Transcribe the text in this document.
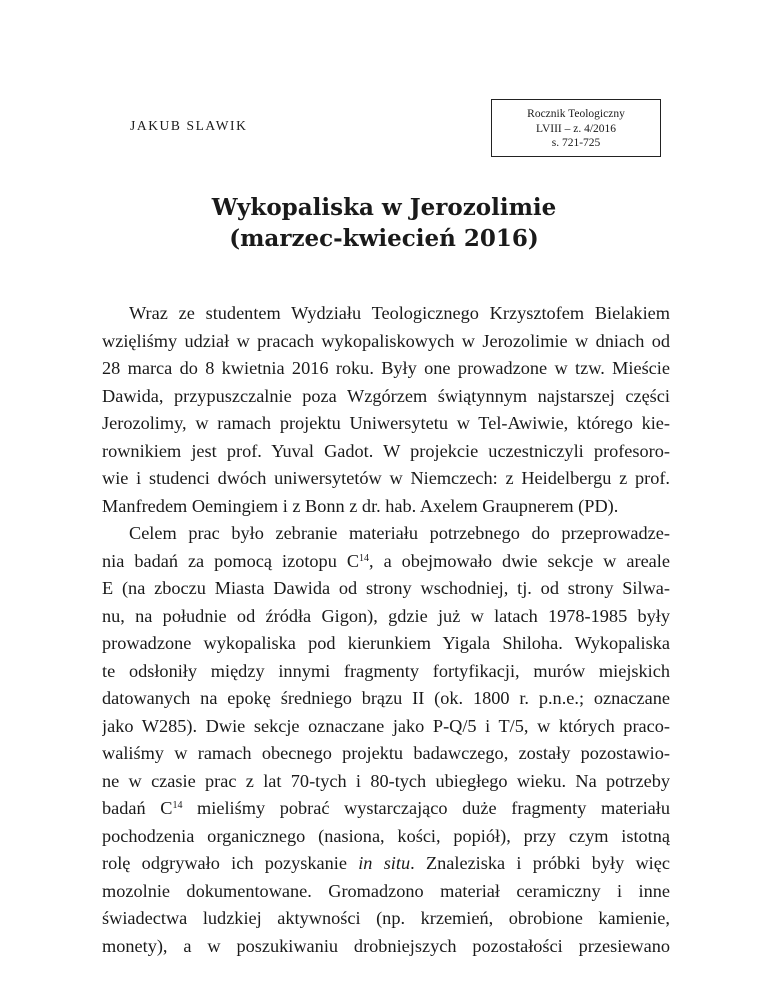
JAKUB SLAWIK
Rocznik Teologiczny
LVIII – z. 4/2016
s. 721-725
Wykopaliska w Jerozolimie
(marzec-kwiecień 2016)
Wraz ze studentem Wydziału Teologicznego Krzysztofem Bielakiem
wzięliśmy udział w pracach wykopaliskowych w Jerozolimie w dniach od
28 marca do 8 kwietnia 2016 roku. Były one prowadzone w tzw. Mieście
Dawida, przypuszczalnie poza Wzgórzem świątynnym najstarszej części
Jerozolimy, w ramach projektu Uniwersytetu w Tel-Awiwie, którego kie-
rownikiem jest prof. Yuval Gadot. W projekcie uczestniczyli profesoro-
wie i studenci dwóch uniwersytetów w Niemczech: z Heidelbergu z prof.
Manfredem Oemingiem i z Bonn z dr. hab. Axelem Graupnerem (PD).
Celem prac było zebranie materiału potrzebnego do przeprowadze-
nia badań za pomocą izotopu $C^{14}$, a obejmowało dwie sekcje w areale
E (na zboczu Miasta Dawida od strony wschodniej, tj. od strony Silwa-
nu, na południe od źródła Gigon), gdzie już w latach 1978-1985 były
prowadzone wykopaliska pod kierunkiem Yigala Shiloha. Wykopaliska
te odsłoniły między innymi fragmenty fortyfikacji, murów miejskich
datowanych na epokę średniego brązu II (ok. 1800 r. p.n.e.; oznaczane
jako W285). Dwie sekcje oznaczane jako P-Q/5 i T/5, w których praco-
waliśmy w ramach obecnego projektu badawczego, zostały pozostawio-
ne w czasie prac z lat 70-tych i 80-tych ubiegłego wieku. Na potrzeby
badań $C^{14}$ mieliśmy pobrać wystarczająco duże fragmenty materiału
pochodzenia organicznego (nasiona, kości, popiół), przy czym istotną
rolę odgrywało ich pozyskanie in situ. Znaleziska i próbki były więc
mozolnie dokumentowane. Gromadzono materiał ceramiczny i inne
świadectwa ludzkiej aktywności (np. krzemień, obrobione kamienie,
monety), a w poszukiwaniu drobniejszych pozostałości przesiewano
